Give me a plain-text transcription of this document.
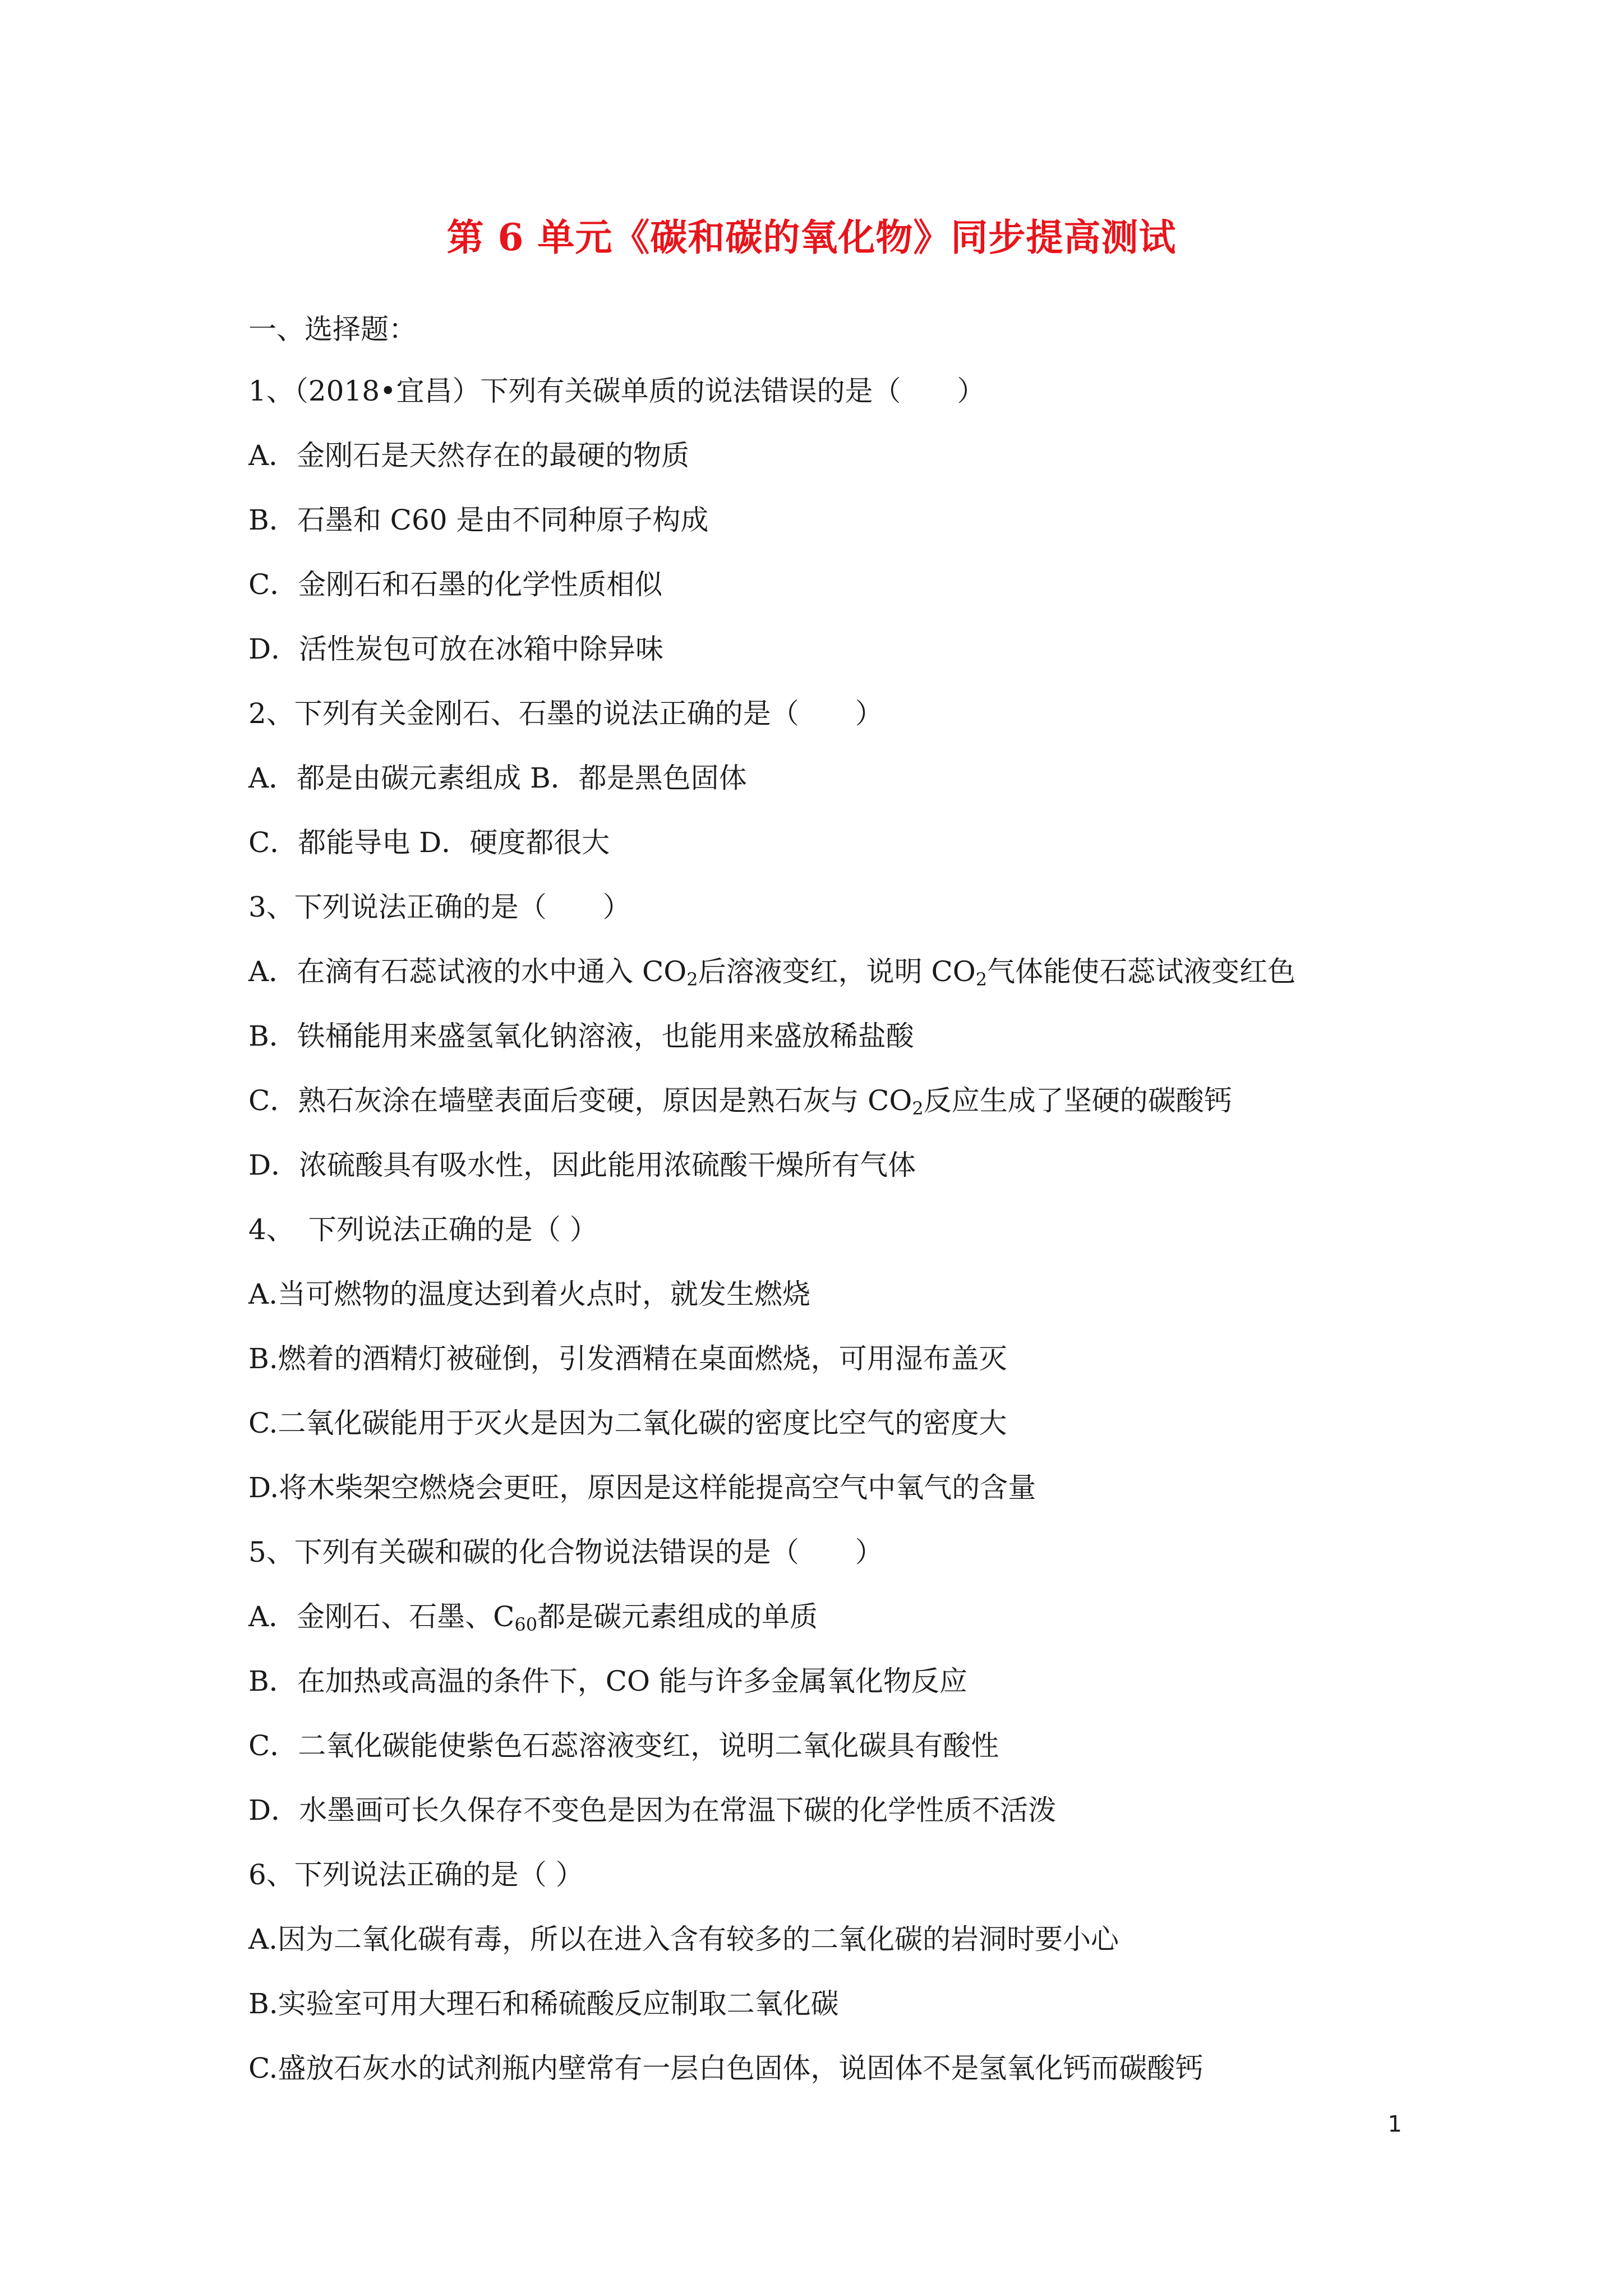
第 6 单元《碳和碳的氧化物》同步提高测试
一、选择题：
1、（2018•宜昌）下列有关碳单质的说法错误的是（　　）
A．金刚石是天然存在的最硬的物质
B．石墨和 C60 是由不同种原子构成
C．金刚石和石墨的化学性质相似
D．活性炭包可放在冰箱中除异味
2、下列有关金刚石、石墨的说法正确的是（　　）
A．都是由碳元素组成 B．都是黑色固体
C．都能导电 D．硬度都很大
3、下列说法正确的是（　　）
A．在滴有石蕊试液的水中通入 $CO_2$后溶液变红，说明 $CO_2$气体能使石蕊试液变红色
B．铁桶能用来盛氢氧化钠溶液，也能用来盛放稀盐酸
C．熟石灰涂在墙壁表面后变硬，原因是熟石灰与 $CO_2$反应生成了坚硬的碳酸钙
D．浓硫酸具有吸水性，因此能用浓硫酸干燥所有气体
4、　下列说法正确的是（ ）
A.当可燃物的温度达到着火点时，就发生燃烧
B.燃着的酒精灯被碰倒，引发酒精在桌面燃烧，可用湿布盖灭
C.二氧化碳能用于灭火是因为二氧化碳的密度比空气的密度大
D.将木柴架空燃烧会更旺，原因是这样能提高空气中氧气的含量
5、下列有关碳和碳的化合物说法错误的是（　　）
A．金刚石、石墨、$C_{60}$都是碳元素组成的单质
B．在加热或高温的条件下，CO 能与许多金属氧化物反应
C．二氧化碳能使紫色石蕊溶液变红，说明二氧化碳具有酸性
D．水墨画可长久保存不变色是因为在常温下碳的化学性质不活泼
6、下列说法正确的是（ ）
A.因为二氧化碳有毒，所以在进入含有较多的二氧化碳的岩洞时要小心
B.实验室可用大理石和稀硫酸反应制取二氧化碳
C.盛放石灰水的试剂瓶内壁常有一层白色固体，说固体不是氢氧化钙而碳酸钙
1
